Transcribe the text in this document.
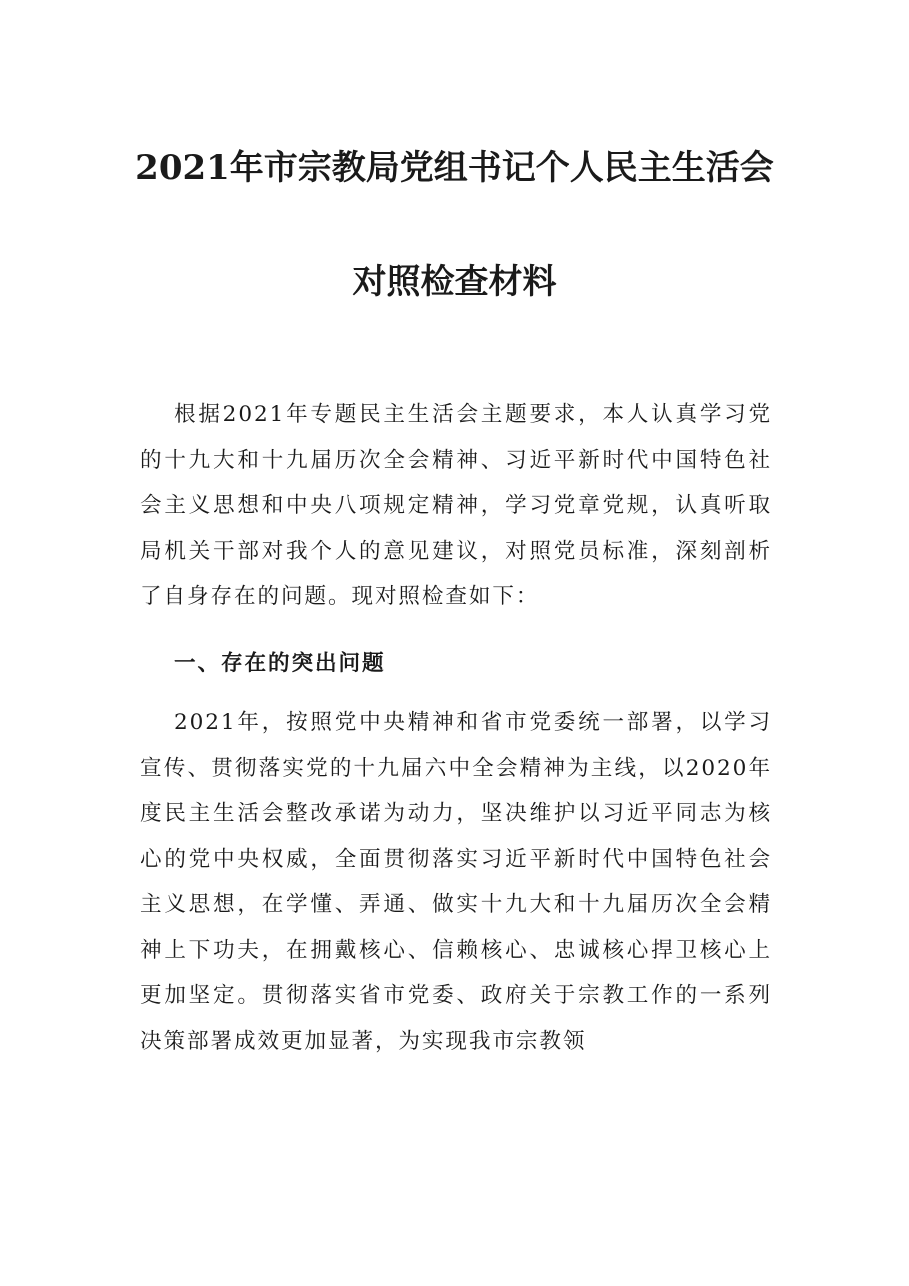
2021年市宗教局党组书记个人民主生活会
对照检查材料

根据2021年专题民主生活会主题要求，本人认真学习党的十九大和十九届历次全会精神、习近平新时代中国特色社会主义思想和中央八项规定精神，学习党章党规，认真听取局机关干部对我个人的意见建议，对照党员标准，深刻剖析了自身存在的问题。现对照检查如下：

一、存在的突出问题

2021年，按照党中央精神和省市党委统一部署，以学习宣传、贯彻落实党的十九届六中全会精神为主线，以2020年度民主生活会整改承诺为动力，坚决维护以习近平同志为核心的党中央权威，全面贯彻落实习近平新时代中国特色社会主义思想，在学懂、弄通、做实十九大和十九届历次全会精神上下功夫，在拥戴核心、信赖核心、忠诚核心捍卫核心上更加坚定。贯彻落实省市党委、政府关于宗教工作的一系列决策部署成效更加显著，为实现我市宗教领
